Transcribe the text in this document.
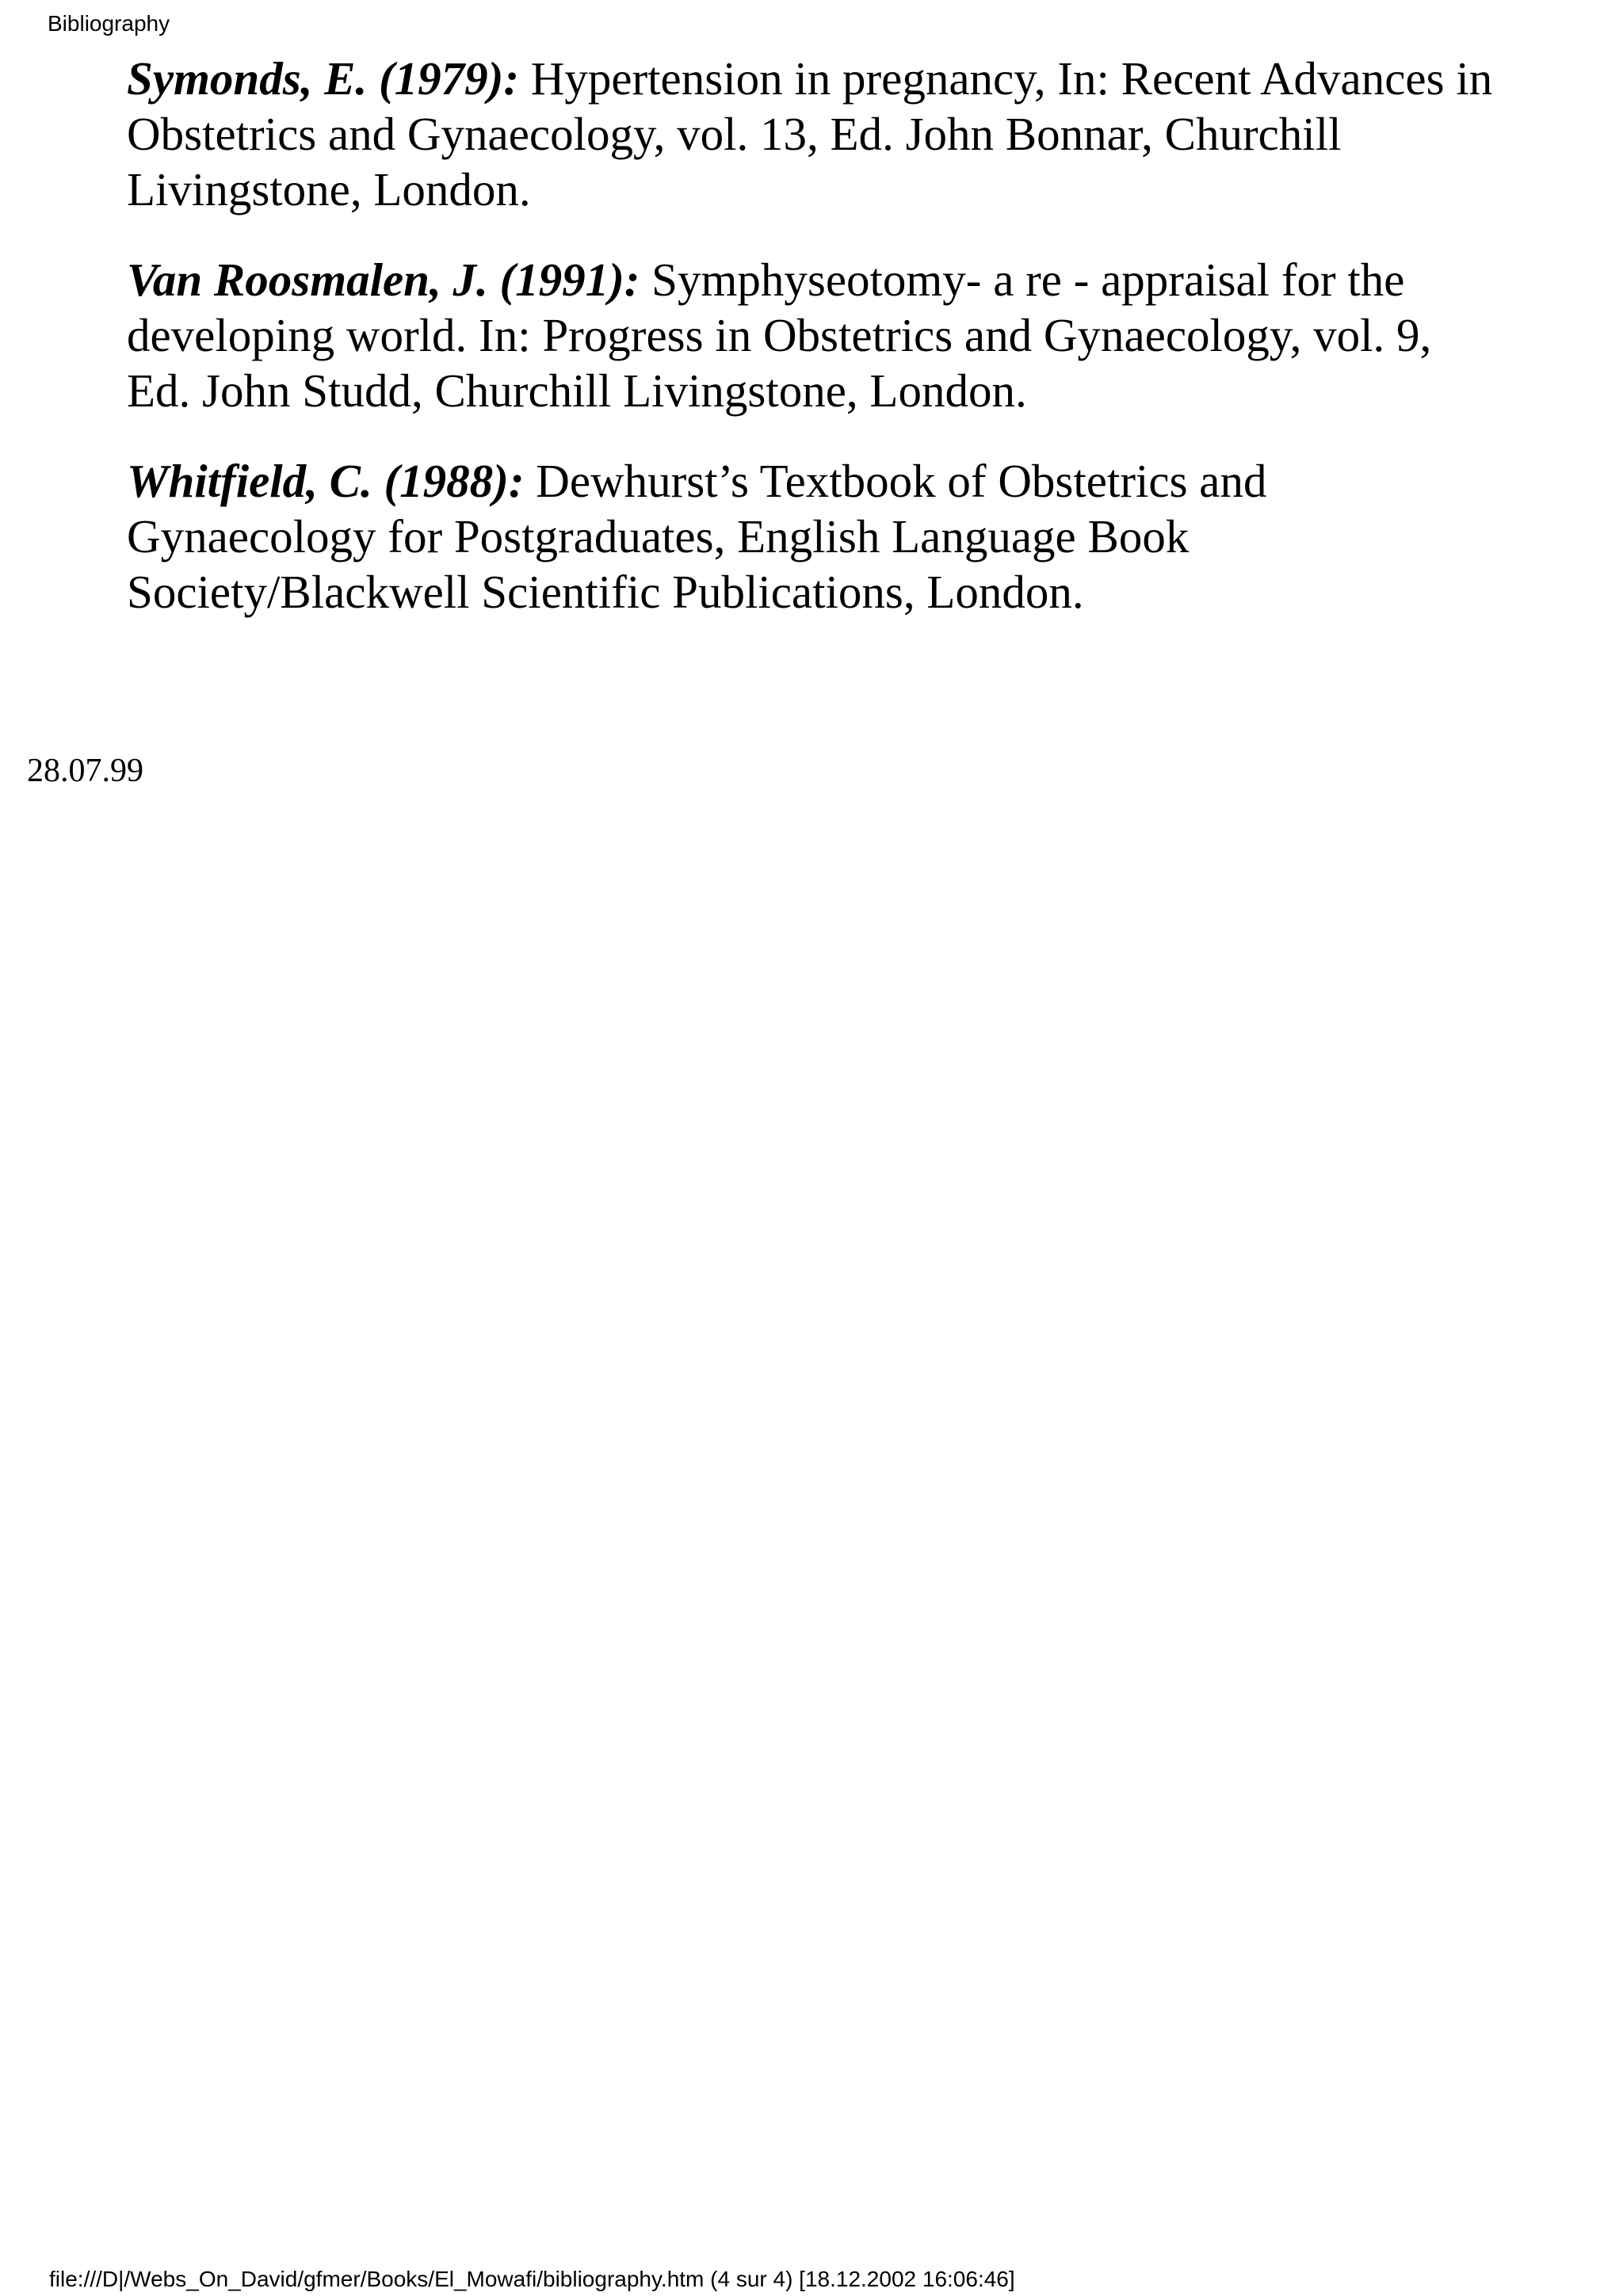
Bibliography

Symonds, E. (1979): Hypertension in pregnancy, In: Recent Advances in Obstetrics and Gynaecology, vol. 13, Ed. John Bonnar, Churchill Livingstone, London.

Van Roosmalen, J. (1991): Symphyseotomy- a re - appraisal for the developing world. In: Progress in Obstetrics and Gynaecology, vol. 9, Ed. John Studd, Churchill Livingstone, London.

Whitfield, C. (1988): Dewhurst’s Textbook of Obstetrics and Gynaecology for Postgraduates, English Language Book Society/Blackwell Scientific Publications, London.

28.07.99
file:///D|/Webs_On_David/gfmer/Books/El_Mowafi/bibliography.htm (4 sur 4) [18.12.2002 16:06:46]
